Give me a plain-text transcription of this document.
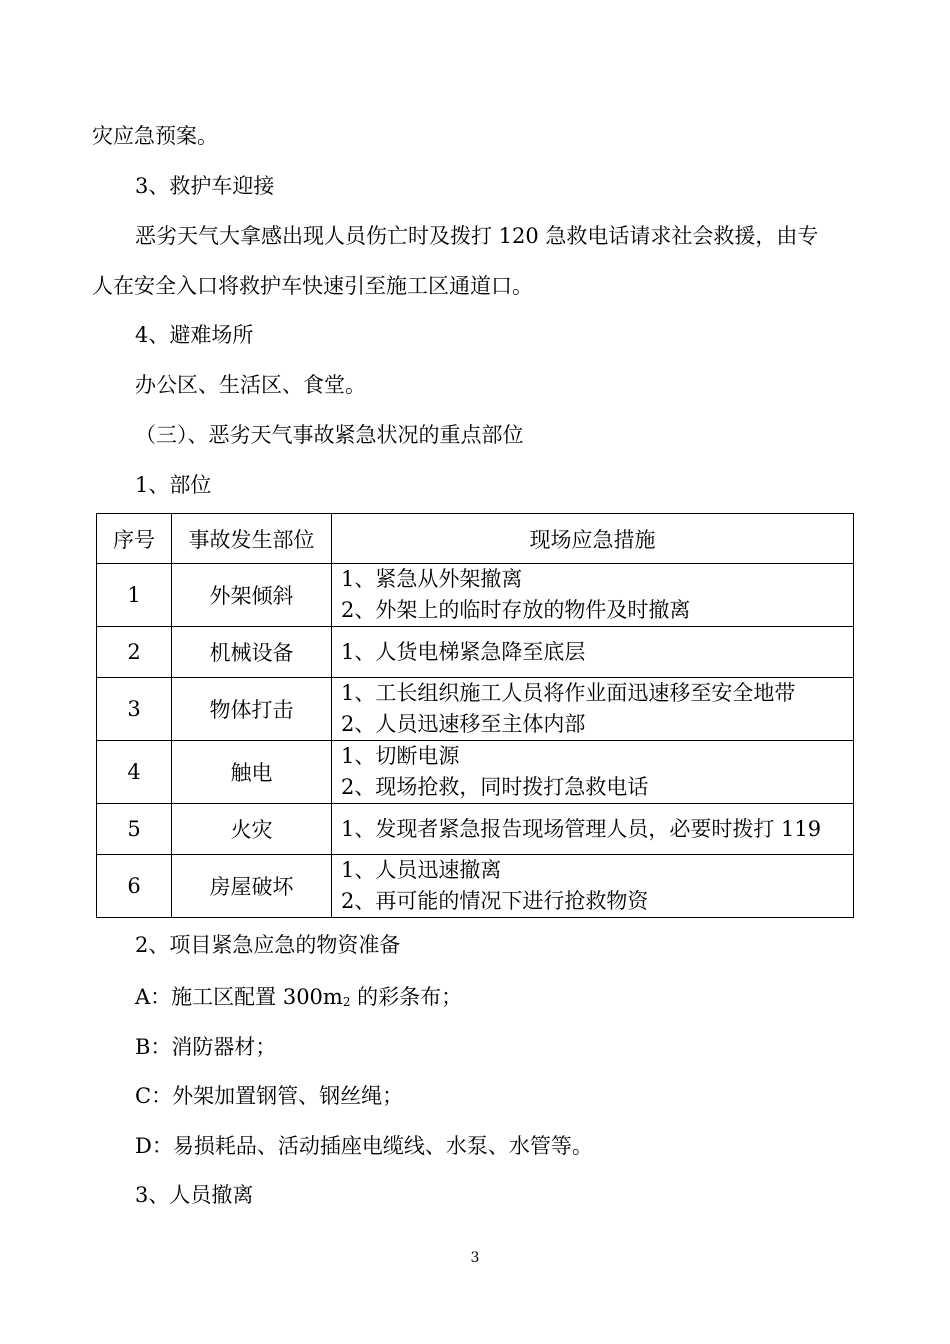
灾应急预案。
3、救护车迎接
恶劣天气大拿感出现人员伤亡时及拨打 120 急救电话请求社会救援，由专
人在安全入口将救护车快速引至施工区通道口。
4、避难场所
办公区、生活区、食堂。
（三）、恶劣天气事故紧急状况的重点部位
1、部位
序号	事故发生部位	现场应急措施
1	外架倾斜	1、紧急从外架撤离
2、外架上的临时存放的物件及时撤离

2	机械设备	1、人货电梯紧急降至底层

3	物体打击	1、工长组织施工人员将作业面迅速移至安全地带
2、人员迅速移至主体内部

4	触电	1、切断电源
2、现场抢救，同时拨打急救电话

5	火灾	1、发现者紧急报告现场管理人员，必要时拨打 119

6	房屋破坏	1、人员迅速撤离
2、再可能的情况下进行抢救物资
2、项目紧急应急的物资准备
A：施工区配置 $300m^2$ 的彩条布；
B：消防器材；
C：外架加置钢管、钢丝绳；
D：易损耗品、活动插座电缆线、水泵、水管等。
3、人员撤离
3
